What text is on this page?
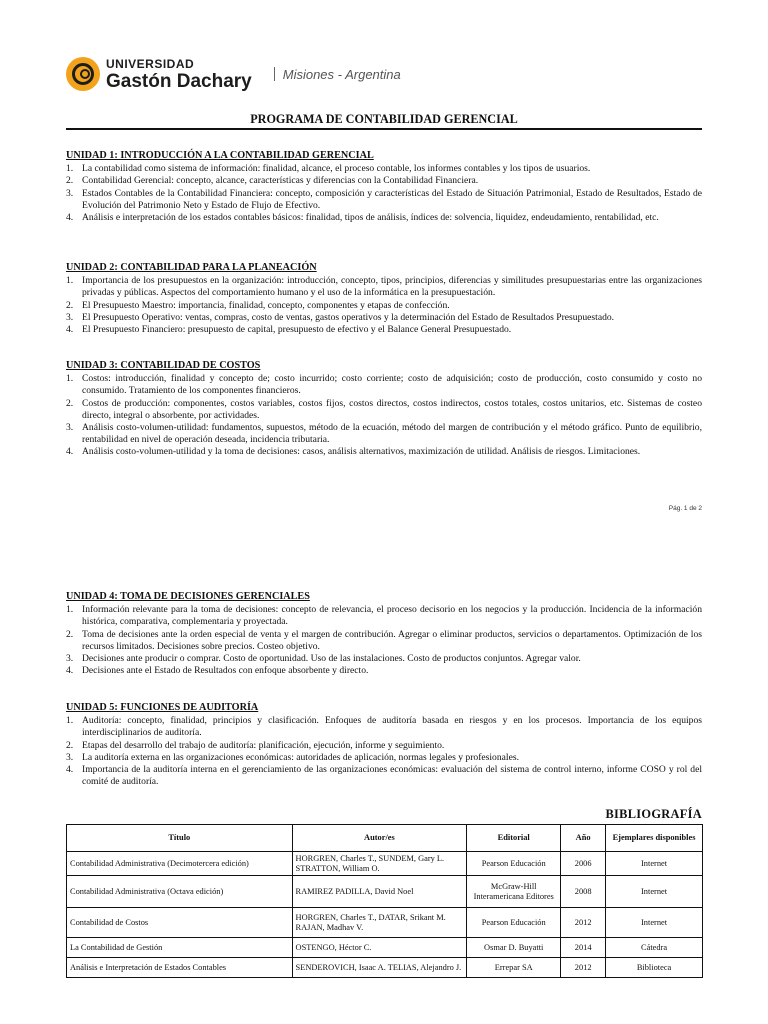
UNIVERSIDAD
Gastón Dachary Misiones - Argentina
PROGRAMA DE CONTABILIDAD GERENCIAL
UNIDAD 1: INTRODUCCIÓN A LA CONTABILIDAD GERENCIAL
1. La contabilidad como sistema de información: finalidad, alcance, el proceso contable, los informes contables y los tipos de usuarios.
2. Contabilidad Gerencial: concepto, alcance, características y diferencias con la Contabilidad Financiera.
3. Estados Contables de la Contabilidad Financiera: concepto, composición y características del Estado de Situación Patrimonial, Estado de Resultados, Estado de Evolución del Patrimonio Neto y Estado de Flujo de Efectivo.
4. Análisis e interpretación de los estados contables básicos: finalidad, tipos de análisis, índices de: solvencia, liquidez, endeudamiento, rentabilidad, etc.
UNIDAD 2: CONTABILIDAD PARA LA PLANEACIÓN
1. Importancia de los presupuestos en la organización: introducción, concepto, tipos, principios, diferencias y similitudes presupuestarias entre las organizaciones privadas y públicas. Aspectos del comportamiento humano y el uso de la informática en la presupuestación.
2. El Presupuesto Maestro: importancia, finalidad, concepto, componentes y etapas de confección.
3. El Presupuesto Operativo: ventas, compras, costo de ventas, gastos operativos y la determinación del Estado de Resultados Presupuestado.
4. El Presupuesto Financiero: presupuesto de capital, presupuesto de efectivo y el Balance General Presupuestado.
UNIDAD 3: CONTABILIDAD DE COSTOS
1. Costos: introducción, finalidad y concepto de; costo incurrido; costo corriente; costo de adquisición; costo de producción, costo consumido y costo no consumido. Tratamiento de los componentes financieros.
2. Costos de producción: componentes, costos variables, costos fijos, costos directos, costos indirectos, costos totales, costos unitarios, etc. Sistemas de costeo directo, integral o absorbente, por actividades.
3. Análisis costo-volumen-utilidad: fundamentos, supuestos, método de la ecuación, método del margen de contribución y el método gráfico. Punto de equilibrio, rentabilidad en nivel de operación deseada, incidencia tributaria.
4. Análisis costo-volumen-utilidad y la toma de decisiones: casos, análisis alternativos, maximización de utilidad. Análisis de riesgos. Limitaciones.
Pág. 1 de 2
UNIDAD 4: TOMA DE DECISIONES GERENCIALES
1. Información relevante para la toma de decisiones: concepto de relevancia, el proceso decisorio en los negocios y la producción. Incidencia de la información histórica, comparativa, complementaria y proyectada.
2. Toma de decisiones ante la orden especial de venta y el margen de contribución. Agregar o eliminar productos, servicios o departamentos. Optimización de los recursos limitados. Decisiones sobre precios. Costeo objetivo.
3. Decisiones ante producir o comprar. Costo de oportunidad. Uso de las instalaciones. Costo de productos conjuntos. Agregar valor.
4. Decisiones ante el Estado de Resultados con enfoque absorbente y directo.
UNIDAD 5: FUNCIONES DE AUDITORÍA
1. Auditoría: concepto, finalidad, principios y clasificación. Enfoques de auditoría basada en riesgos y en los procesos. Importancia de los equipos interdisciplinarios de auditoría.
2. Etapas del desarrollo del trabajo de auditoría: planificación, ejecución, informe y seguimiento.
3. La auditoría externa en las organizaciones económicas: autoridades de aplicación, normas legales y profesionales.
4. Importancia de la auditoría interna en el gerenciamiento de las organizaciones económicas: evaluación del sistema de control interno, informe COSO y rol del comité de auditoría.
BIBLIOGRAFÍA
Título	Autor/es	Editorial	Año	Ejemplares disponibles
Contabilidad Administrativa (Decimotercera edición)	HORGREN, Charles T., SUNDEM, Gary L. STRATTON, William O.	Pearson Educación	2006	Internet
Contabilidad Administrativa (Octava edición)	RAMIREZ PADILLA, David Noel	McGraw-Hill Interamericana Editores	2008	Internet
Contabilidad de Costos	HORGREN, Charles T., DATAR, Srikant M. RAJAN, Madhav V.	Pearson Educación	2012	Internet
La Contabilidad de Gestión	OSTENGO, Héctor C.	Osmar D. Buyatti	2014	Cátedra
Análisis e Interpretación de Estados Contables	SENDEROVICH, Isaac A. TELIAS, Alejandro J.	Errepar SA	2012	Biblioteca
